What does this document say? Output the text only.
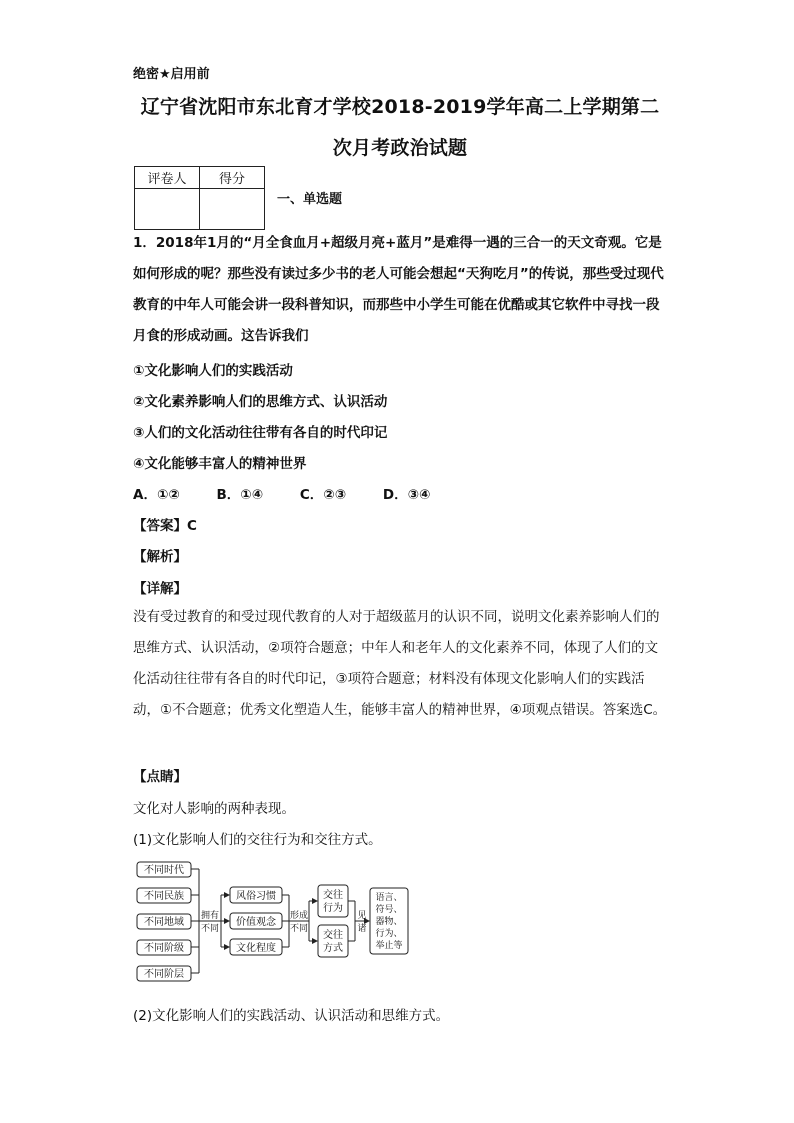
绝密★启用前
辽宁省沈阳市东北育才学校2018-2019学年高二上学期第二
次月考政治试题
评卷人	得分

一、单选题
1．2018年1月的“月全食血月+超级月亮+蓝月”是难得一遇的三合一的天文奇观。它是如何形成的呢？那些没有读过多少书的老人可能会想起“天狗吃月”的传说，那些受过现代教育的中年人可能会讲一段科普知识，而那些中小学生可能在优酷或其它软件中寻找一段月食的形成动画。这告诉我们
①文化影响人们的实践活动
②文化素养影响人们的思维方式、认识活动
③人们的文化活动往往带有各自的时代印记
④文化能够丰富人的精神世界
A．①②	B．①④	C．②③	D．③④
【答案】C
【解析】
【详解】
没有受过教育的和受过现代教育的人对于超级蓝月的认识不同，说明文化素养影响人们的思维方式、认识活动，②项符合题意；中年人和老年人的文化素养不同，体现了人们的文化活动往往带有各自的时代印记，③项符合题意；材料没有体现文化影响人们的实践活动，①不合题意；优秀文化塑造人生，能够丰富人的精神世界，④项观点错误。答案选C。
【点睛】
文化对人影响的两种表现。
(1)文化影响人们的交往行为和交往方式。
不同时代
不同民族
不同地域
不同阶级
不同阶层
拥有
不同
风俗习惯
价值观念
文化程度
形成
不同
交往
行为
交往
方式
见
诸
语言、
符号、
器物、
行为、
举止等
(2)文化影响人们的实践活动、认识活动和思维方式。
